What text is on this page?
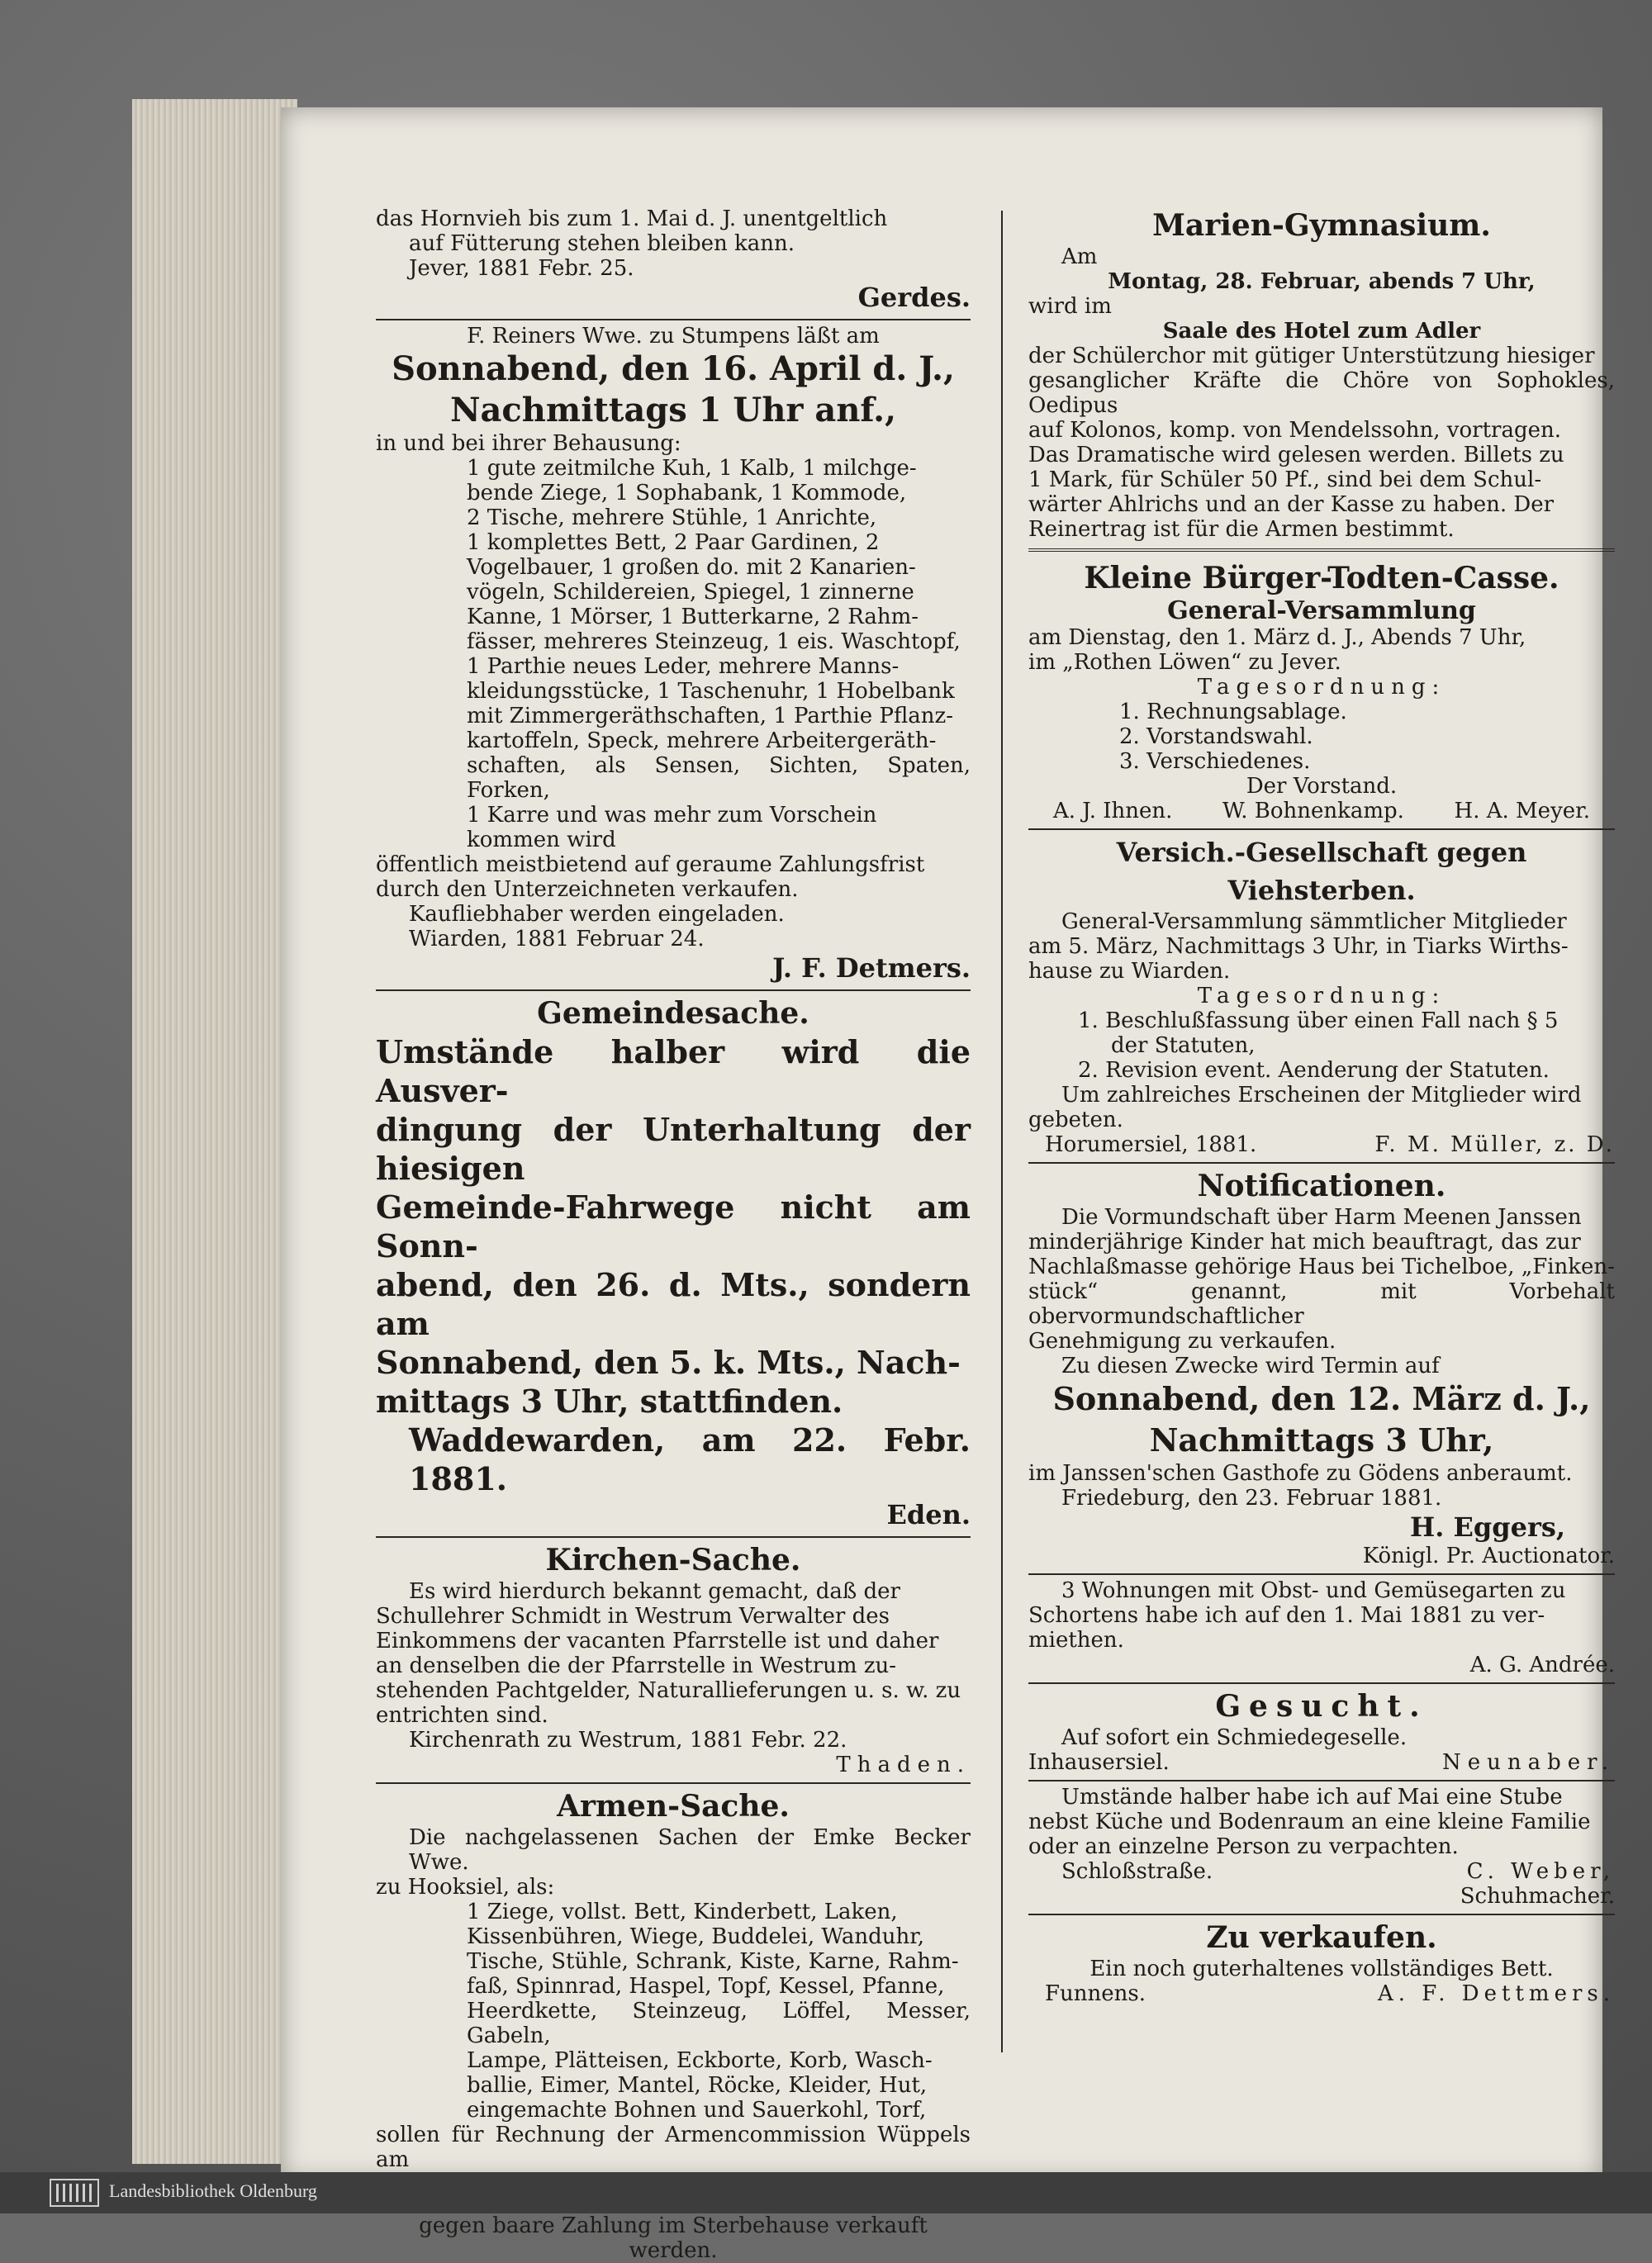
das Hornvieh bis zum 1. Mai d. J. unentgeltlich
auf Fütterung stehen bleiben kann.
Jever, 1881 Febr. 25.
Gerdes.
F. Reiners Wwe. zu Stumpens läßt am
Sonnabend, den 16. April d. J.,
Nachmittags 1 Uhr anf.,
in und bei ihrer Behausung:
1 gute zeitmilche Kuh, 1 Kalb, 1 milchge-
bende Ziege, 1 Sophabank, 1 Kommode,
2 Tische, mehrere Stühle, 1 Anrichte,
1 komplettes Bett, 2 Paar Gardinen, 2
Vogelbauer, 1 großen do. mit 2 Kanarien-
vögeln, Schildereien, Spiegel, 1 zinnerne
Kanne, 1 Mörser, 1 Butterkarne, 2 Rahm-
fässer, mehreres Steinzeug, 1 eis. Waschtopf,
1 Parthie neues Leder, mehrere Manns-
kleidungsstücke, 1 Taschenuhr, 1 Hobelbank
mit Zimmergeräthschaften, 1 Parthie Pflanz-
kartoffeln, Speck, mehrere Arbeitergeräth-
schaften, als Sensen, Sichten, Spaten, Forken,
1 Karre und was mehr zum Vorschein
kommen wird
öffentlich meistbietend auf geraume Zahlungsfrist
durch den Unterzeichneten verkaufen.
Kaufliebhaber werden eingeladen.
Wiarden, 1881 Februar 24.
J. F. Detmers.
Gemeindesache.
Umstände halber wird die Ausver-
dingung der Unterhaltung der hiesigen
Gemeinde-Fahrwege nicht am Sonn-
abend, den 26. d. Mts., sondern am
Sonnabend, den 5. k. Mts., Nach-
mittags 3 Uhr, stattfinden.
Waddewarden, am 22. Febr. 1881.
Eden.
Kirchen-Sache.
Es wird hierdurch bekannt gemacht, daß der
Schullehrer Schmidt in Westrum Verwalter des
Einkommens der vacanten Pfarrstelle ist und daher
an denselben die der Pfarrstelle in Westrum zu-
stehenden Pachtgelder, Naturallieferungen u. s. w. zu
entrichten sind.
Kirchenrath zu Westrum, 1881 Febr. 22.
Thaden.
Armen-Sache.
Die nachgelassenen Sachen der Emke Becker Wwe.
zu Hooksiel, als:
1 Ziege, vollst. Bett, Kinderbett, Laken,
Kissenbühren, Wiege, Buddelei, Wanduhr,
Tische, Stühle, Schrank, Kiste, Karne, Rahm-
faß, Spinnrad, Haspel, Topf, Kessel, Pfanne,
Heerdkette, Steinzeug, Löffel, Messer, Gabeln,
Lampe, Plätteisen, Eckborte, Korb, Wasch-
ballie, Eimer, Mantel, Röcke, Kleider, Hut,
eingemachte Bohnen und Sauerkohl, Torf,
sollen für Rechnung der Armencommission Wüppels am
gegen baare Zahlung im Sterbehause verkauft werden.
Marien-Gymnasium.
Am
Montag, 28. Februar, abends 7 Uhr,
wird im
Saale des Hotel zum Adler
der Schülerchor mit gütiger Unterstützung hiesiger
gesanglicher Kräfte die Chöre von Sophokles, Oedipus
auf Kolonos, komp. von Mendelssohn, vortragen.
Das Dramatische wird gelesen werden. Billets zu
1 Mark, für Schüler 50 Pf., sind bei dem Schul-
wärter Ahlrichs und an der Kasse zu haben. Der
Reinertrag ist für die Armen bestimmt.
Kleine Bürger-Todten-Casse.
General-Versammlung
am Dienstag, den 1. März d. J., Abends 7 Uhr,
im „Rothen Löwen“ zu Jever.
Tagesordnung:
1. Rechnungsablage.
2. Vorstandswahl.
3. Verschiedenes.
Der Vorstand.
A. J. Ihnen. W. Bohnenkamp. H. A. Meyer.
Versich.-Gesellschaft gegen Viehsterben.
General-Versammlung sämmtlicher Mitglieder
am 5. März, Nachmittags 3 Uhr, in Tiarks Wirths-
hause zu Wiarden.
Tagesordnung:
1. Beschlußfassung über einen Fall nach § 5
der Statuten,
2. Revision event. Aenderung der Statuten.
Um zahlreiches Erscheinen der Mitglieder wird
gebeten.
Horumersiel, 1881.	F. M. Müller, z. D.
Notificationen.
Die Vormundschaft über Harm Meenen Janssen
minderjährige Kinder hat mich beauftragt, das zur
Nachlaßmasse gehörige Haus bei Tichelboe, „Finken-
stück“ genannt, mit Vorbehalt obervormundschaftlicher
Genehmigung zu verkaufen.
Zu diesen Zwecke wird Termin auf
Sonnabend, den 12. März d. J.,
Nachmittags 3 Uhr,
im Janssen'schen Gasthofe zu Gödens anberaumt.
Friedeburg, den 23. Februar 1881.
H. Eggers,
Königl. Pr. Auctionator.
3 Wohnungen mit Obst- und Gemüsegarten zu
Schortens habe ich auf den 1. Mai 1881 zu ver-
miethen.
A. G. Andrée.
Gesucht.
Auf sofort ein Schmiedegeselle.
Inhausersiel.	Neunaber.
Umstände halber habe ich auf Mai eine Stube
nebst Küche und Bodenraum an eine kleine Familie
oder an einzelne Person zu verpachten.
Schloßstraße.	C. Weber,
Schuhmacher.
Zu verkaufen.
Ein noch guterhaltenes vollständiges Bett.
Funnens.	A. F. Dettmers.
Landesbibliothek Oldenburg
